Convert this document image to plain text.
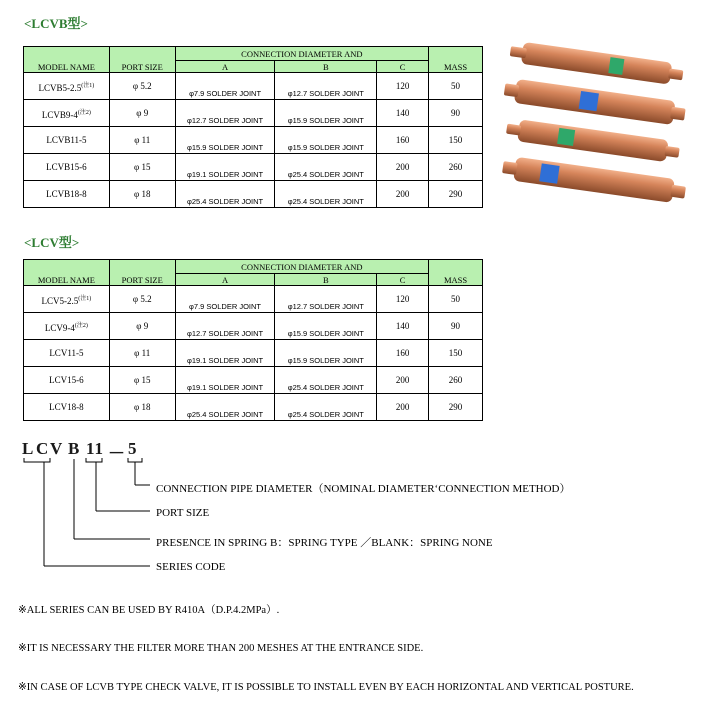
<LCVB型>
MODEL NAME	PORT SIZE	CONNECTION DIAMETER AND			MASS
		A	B	C	
$LCVB5-2.5^{(注1)}$	φ 5.2	φ7.9 SOLDER JOINT	φ12.7 SOLDER JOINT	120	50
$LCVB9-4^{(注2)}$	φ 9	φ12.7 SOLDER JOINT	φ15.9 SOLDER JOINT	140	90
LCVB11-5	φ 11	φ15.9 SOLDER JOINT	φ15.9 SOLDER JOINT	160	150
LCVB15-6	φ 15	φ19.1 SOLDER JOINT	φ25.4 SOLDER JOINT	200	260
LCVB18-8	φ 18	φ25.4 SOLDER JOINT	φ25.4 SOLDER JOINT	200	290
<LCV型>
MODEL NAME	PORT SIZE	CONNECTION DIAMETER AND			MASS
		A	B	C	
$LCV5-2.5^{(注1)}$	φ 5.2	φ7.9 SOLDER JOINT	φ12.7 SOLDER JOINT	120	50
$LCV9-4^{(注2)}$	φ 9	φ12.7 SOLDER JOINT	φ15.9 SOLDER JOINT	140	90
LCV11-5	φ 11	φ19.1 SOLDER JOINT	φ15.9 SOLDER JOINT	160	150
LCV15-6	φ 15	φ19.1 SOLDER JOINT	φ25.4 SOLDER JOINT	200	260
LCV18-8	φ 18	φ25.4 SOLDER JOINT	φ25.4 SOLDER JOINT	200	290
L C V B 11 － 5
CONNECTION PIPE DIAMETER（NOMINAL DIAMETER‘CONNECTION METHOD）
PORT SIZE
PRESENCE IN SPRING B：SPRING TYPE ／BLANK：SPRING NONE
SERIES CODE
※ALL SERIES CAN BE USED BY R410A（D.P.4.2MPa）.
※IT IS NECESSARY THE FILTER MORE THAN 200 MESHES AT THE ENTRANCE SIDE.
※IN CASE OF LCVB TYPE CHECK VALVE, IT IS POSSIBLE TO INSTALL EVEN BY EACH HORIZONTAL AND VERTICAL POSTURE.
